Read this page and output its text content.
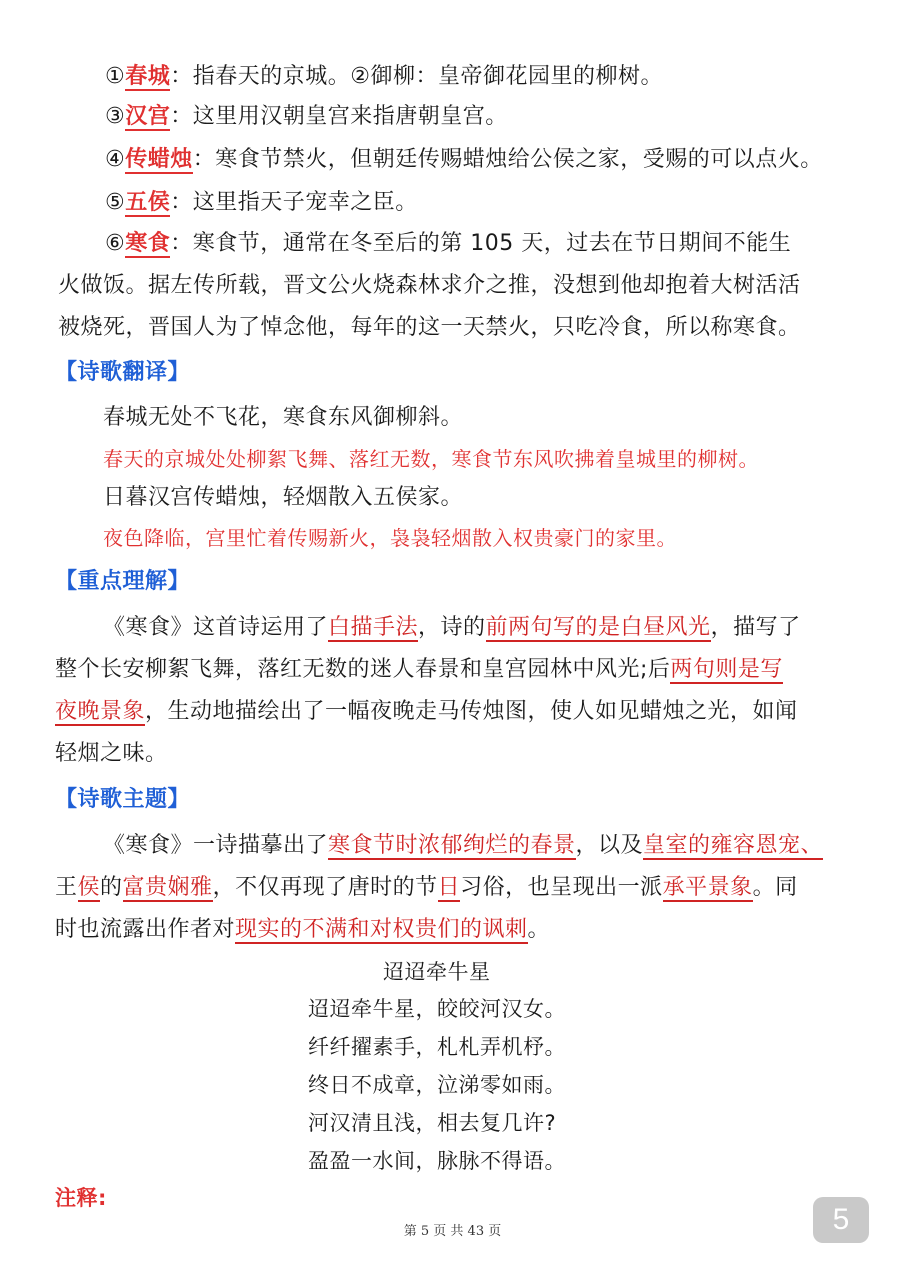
①春城：指春天的京城。②御柳：皇帝御花园里的柳树。
③汉宫：这里用汉朝皇宫来指唐朝皇宫。
④传蜡烛：寒食节禁火，但朝廷传赐蜡烛给公侯之家，受赐的可以点火。
⑤五侯：这里指天子宠幸之臣。
⑥寒食：寒食节，通常在冬至后的第 105 天，过去在节日期间不能生
火做饭。据左传所载，晋文公火烧森林求介之推，没想到他却抱着大树活活
被烧死，晋国人为了悼念他，每年的这一天禁火，只吃冷食，所以称寒食。
【诗歌翻译】
春城无处不飞花，寒食东风御柳斜。
春天的京城处处柳絮飞舞、落红无数，寒食节东风吹拂着皇城里的柳树。
日暮汉宫传蜡烛，轻烟散入五侯家。
夜色降临，宫里忙着传赐新火，袅袅轻烟散入权贵豪门的家里。
【重点理解】
《寒食》这首诗运用了白描手法，诗的前两句写的是白昼风光，描写了
整个长安柳絮飞舞，落红无数的迷人春景和皇宫园林中风光;后两句则是写
夜晚景象，生动地描绘出了一幅夜晚走马传烛图，使人如见蜡烛之光，如闻
轻烟之味。
【诗歌主题】
《寒食》一诗描摹出了寒食节时浓郁绚烂的春景，以及皇室的雍容恩宠、
王侯的富贵娴雅，不仅再现了唐时的节日习俗，也呈现出一派承平景象。同
时也流露出作者对现实的不满和对权贵们的讽刺。
迢迢牵牛星
迢迢牵牛星，皎皎河汉女。
纤纤擢素手，札札弄机杼。
终日不成章，泣涕零如雨。
河汉清且浅，相去复几许?
盈盈一水间，脉脉不得语。
注释:
第 5 页 共 43 页	5
